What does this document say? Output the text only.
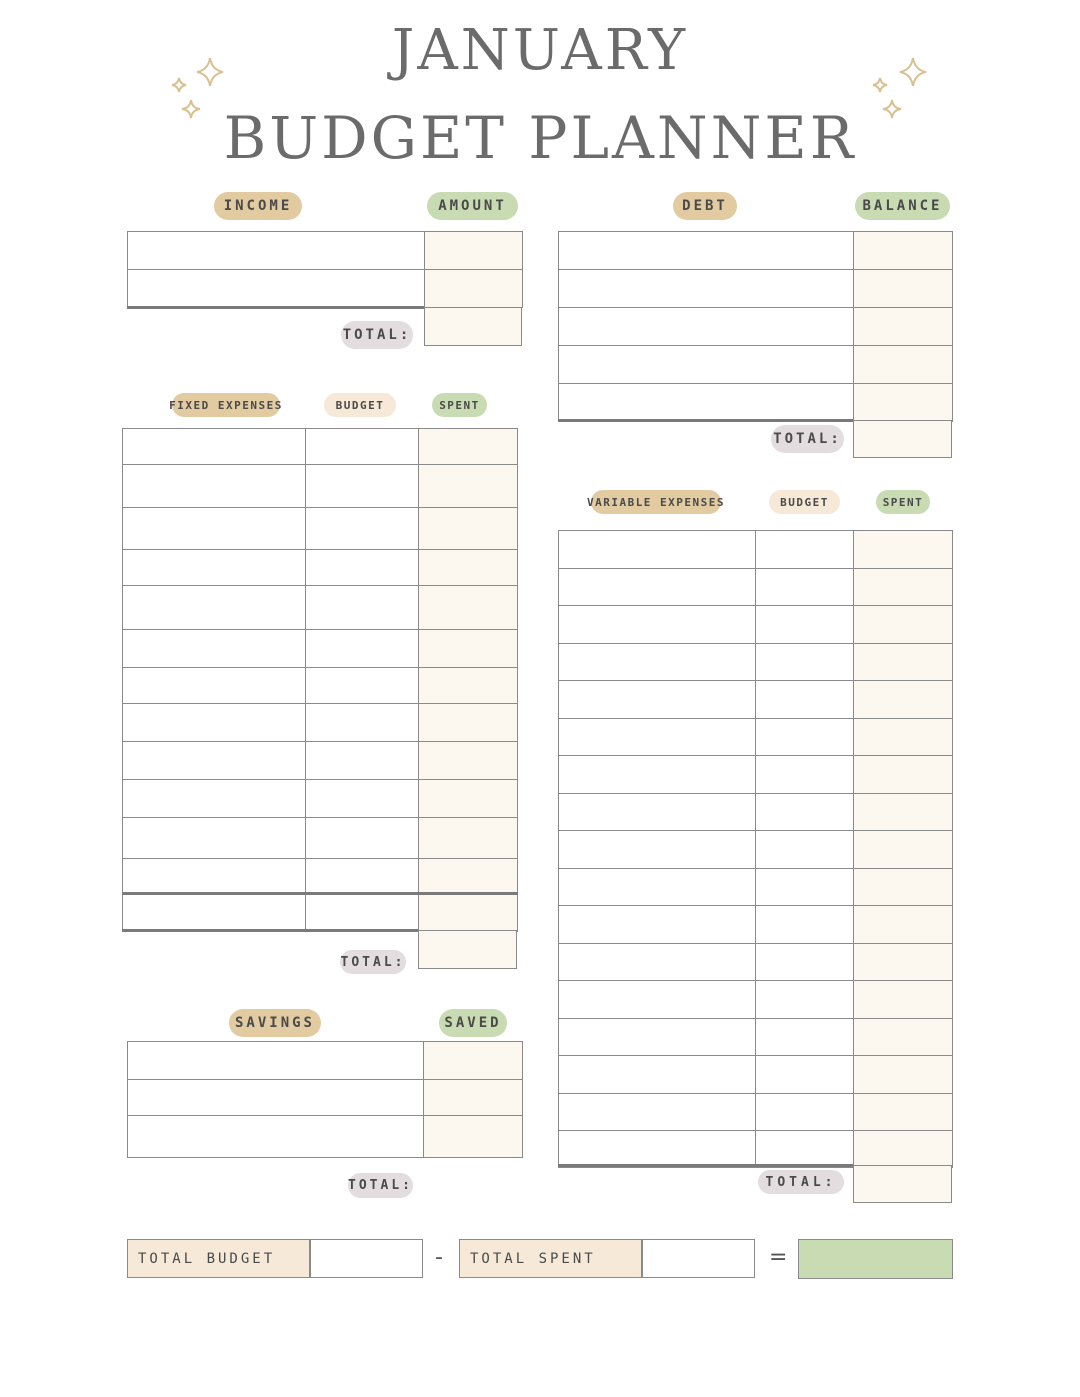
JANUARY
BUDGET PLANNER
INCOME	AMOUNT

TOTAL:
DEBT	BALANCE

TOTAL:
FIXED EXPENSES	BUDGET	SPENT

TOTAL:
VARIABLE EXPENSES	BUDGET	SPENT

TOTAL:
SAVINGS	SAVED

TOTAL:
TOTAL BUDGET	-	TOTAL SPENT	=
